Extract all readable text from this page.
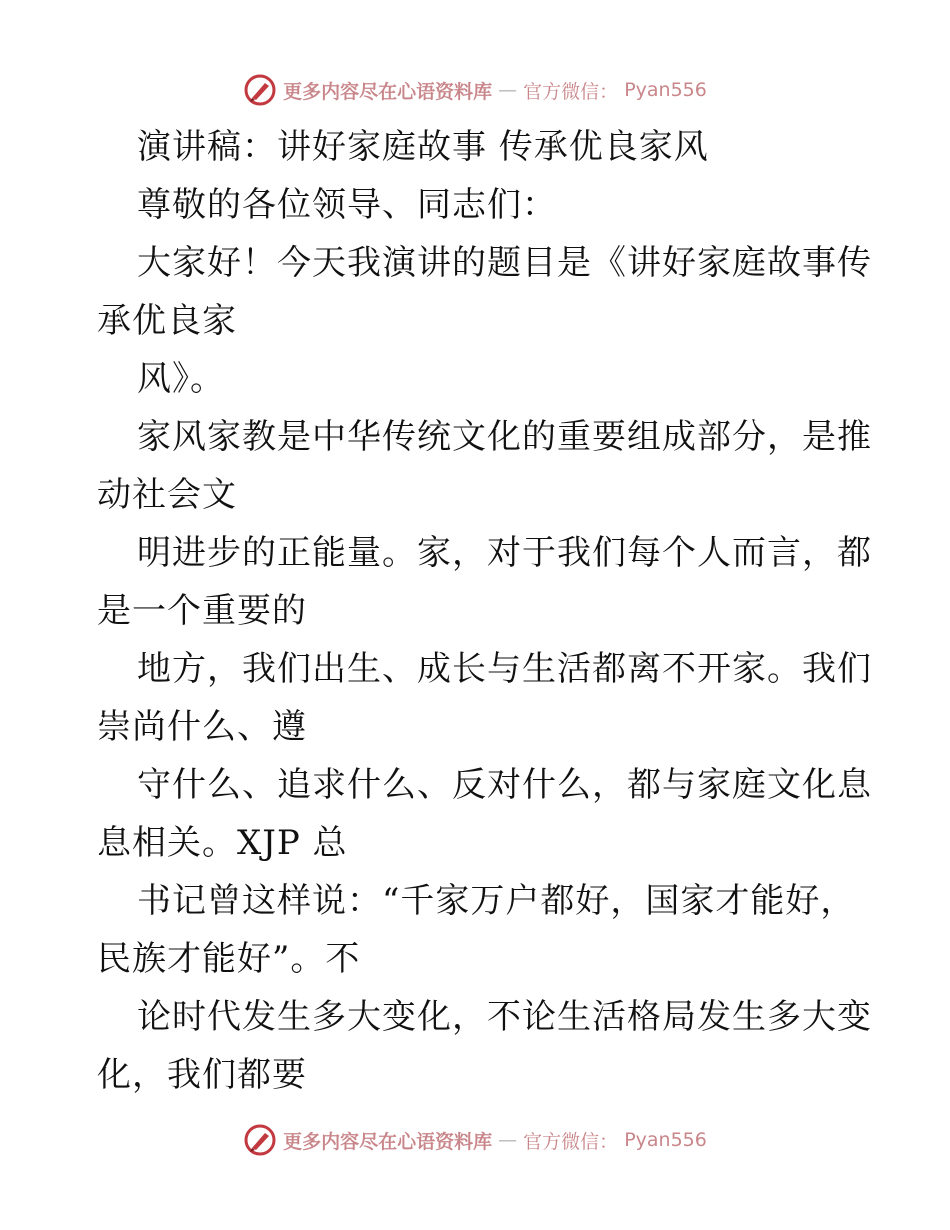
更多内容尽在心语资料库 — 官方微信： Pyan556
演讲稿：讲好家庭故事 传承优良家风
尊敬的各位领导、同志们：
大家好！今天我演讲的题目是《讲好家庭故事传
承优良家
风》。
家风家教是中华传统文化的重要组成部分，是推
动社会文
明进步的正能量。家，对于我们每个人而言，都
是一个重要的
地方，我们出生、成长与生活都离不开家。我们
崇尚什么、遵
守什么、追求什么、反对什么，都与家庭文化息
息相关。XJP 总
书记曾这样说：“千家万户都好，国家才能好，
民族才能好”。不
论时代发生多大变化，不论生活格局发生多大变
化，我们都要
更多内容尽在心语资料库 — 官方微信： Pyan556
